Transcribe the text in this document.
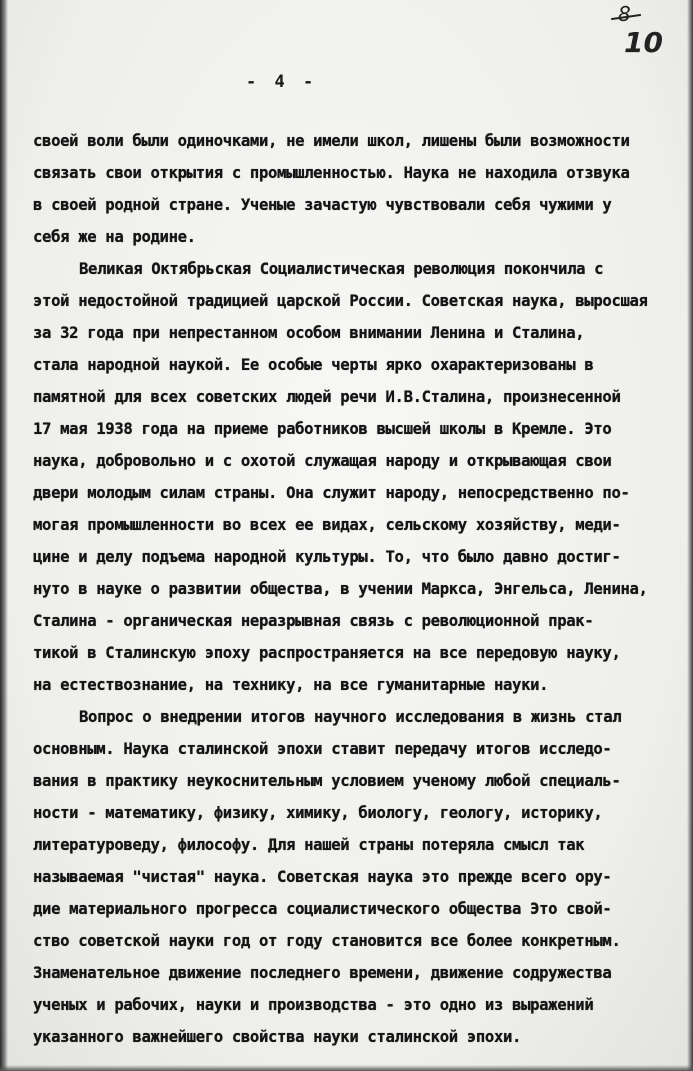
8
10
- 4 -
своей воли были одиночками, не имели школ, лишены были возможности
связать свои открытия с промышленностью. Наука не находила отзвука
в своей родной стране. Ученые зачастую чувствовали себя чужими у
себя же на родине.
Великая Октябрьская Социалистическая революция покончила с
этой недостойной традицией царской России. Советская наука, выросшая
за 32 года при непрестанном особом внимании Ленина и Сталина,
стала народной наукой. Ее особые черты ярко охарактеризованы в
памятной для всех советских людей речи И.В.Сталина, произнесенной
17 мая 1938 года на приеме работников высшей школы в Кремле. Это
наука, добровольно и с охотой служащая народу и открывающая свои
двери молодым силам страны. Она служит народу, непосредственно по-
могая промышленности во всех ее видах, сельскому хозяйству, меди-
цине и делу подъема народной культуры. То, что было давно достиг-
нуто в науке о развитии общества, в учении Маркса, Энгельса, Ленина,
Сталина - органическая неразрывная связь с революционной прак-
тикой в Сталинскую эпоху распространяется на все передовую науку,
на естествознание, на технику, на все гуманитарные науки.
Вопрос о внедрении итогов научного исследования в жизнь стал
основным. Наука сталинской эпохи ставит передачу итогов исследо-
вания в практику неукоснительным условием ученому любой специаль-
ности - математику, физику, химику, биологу, геологу, историку,
литературоведу, философу. Для нашей страны потеряла смысл так
называемая "чистая" наука. Советская наука это прежде всего ору-
дие материального прогресса социалистического общества Это свой-
ство советской науки год от году становится все более конкретным.
Знаменательное движение последнего времени, движение содружества
ученых и рабочих, науки и производства - это одно из выражений
указанного важнейшего свойства науки сталинской эпохи.
